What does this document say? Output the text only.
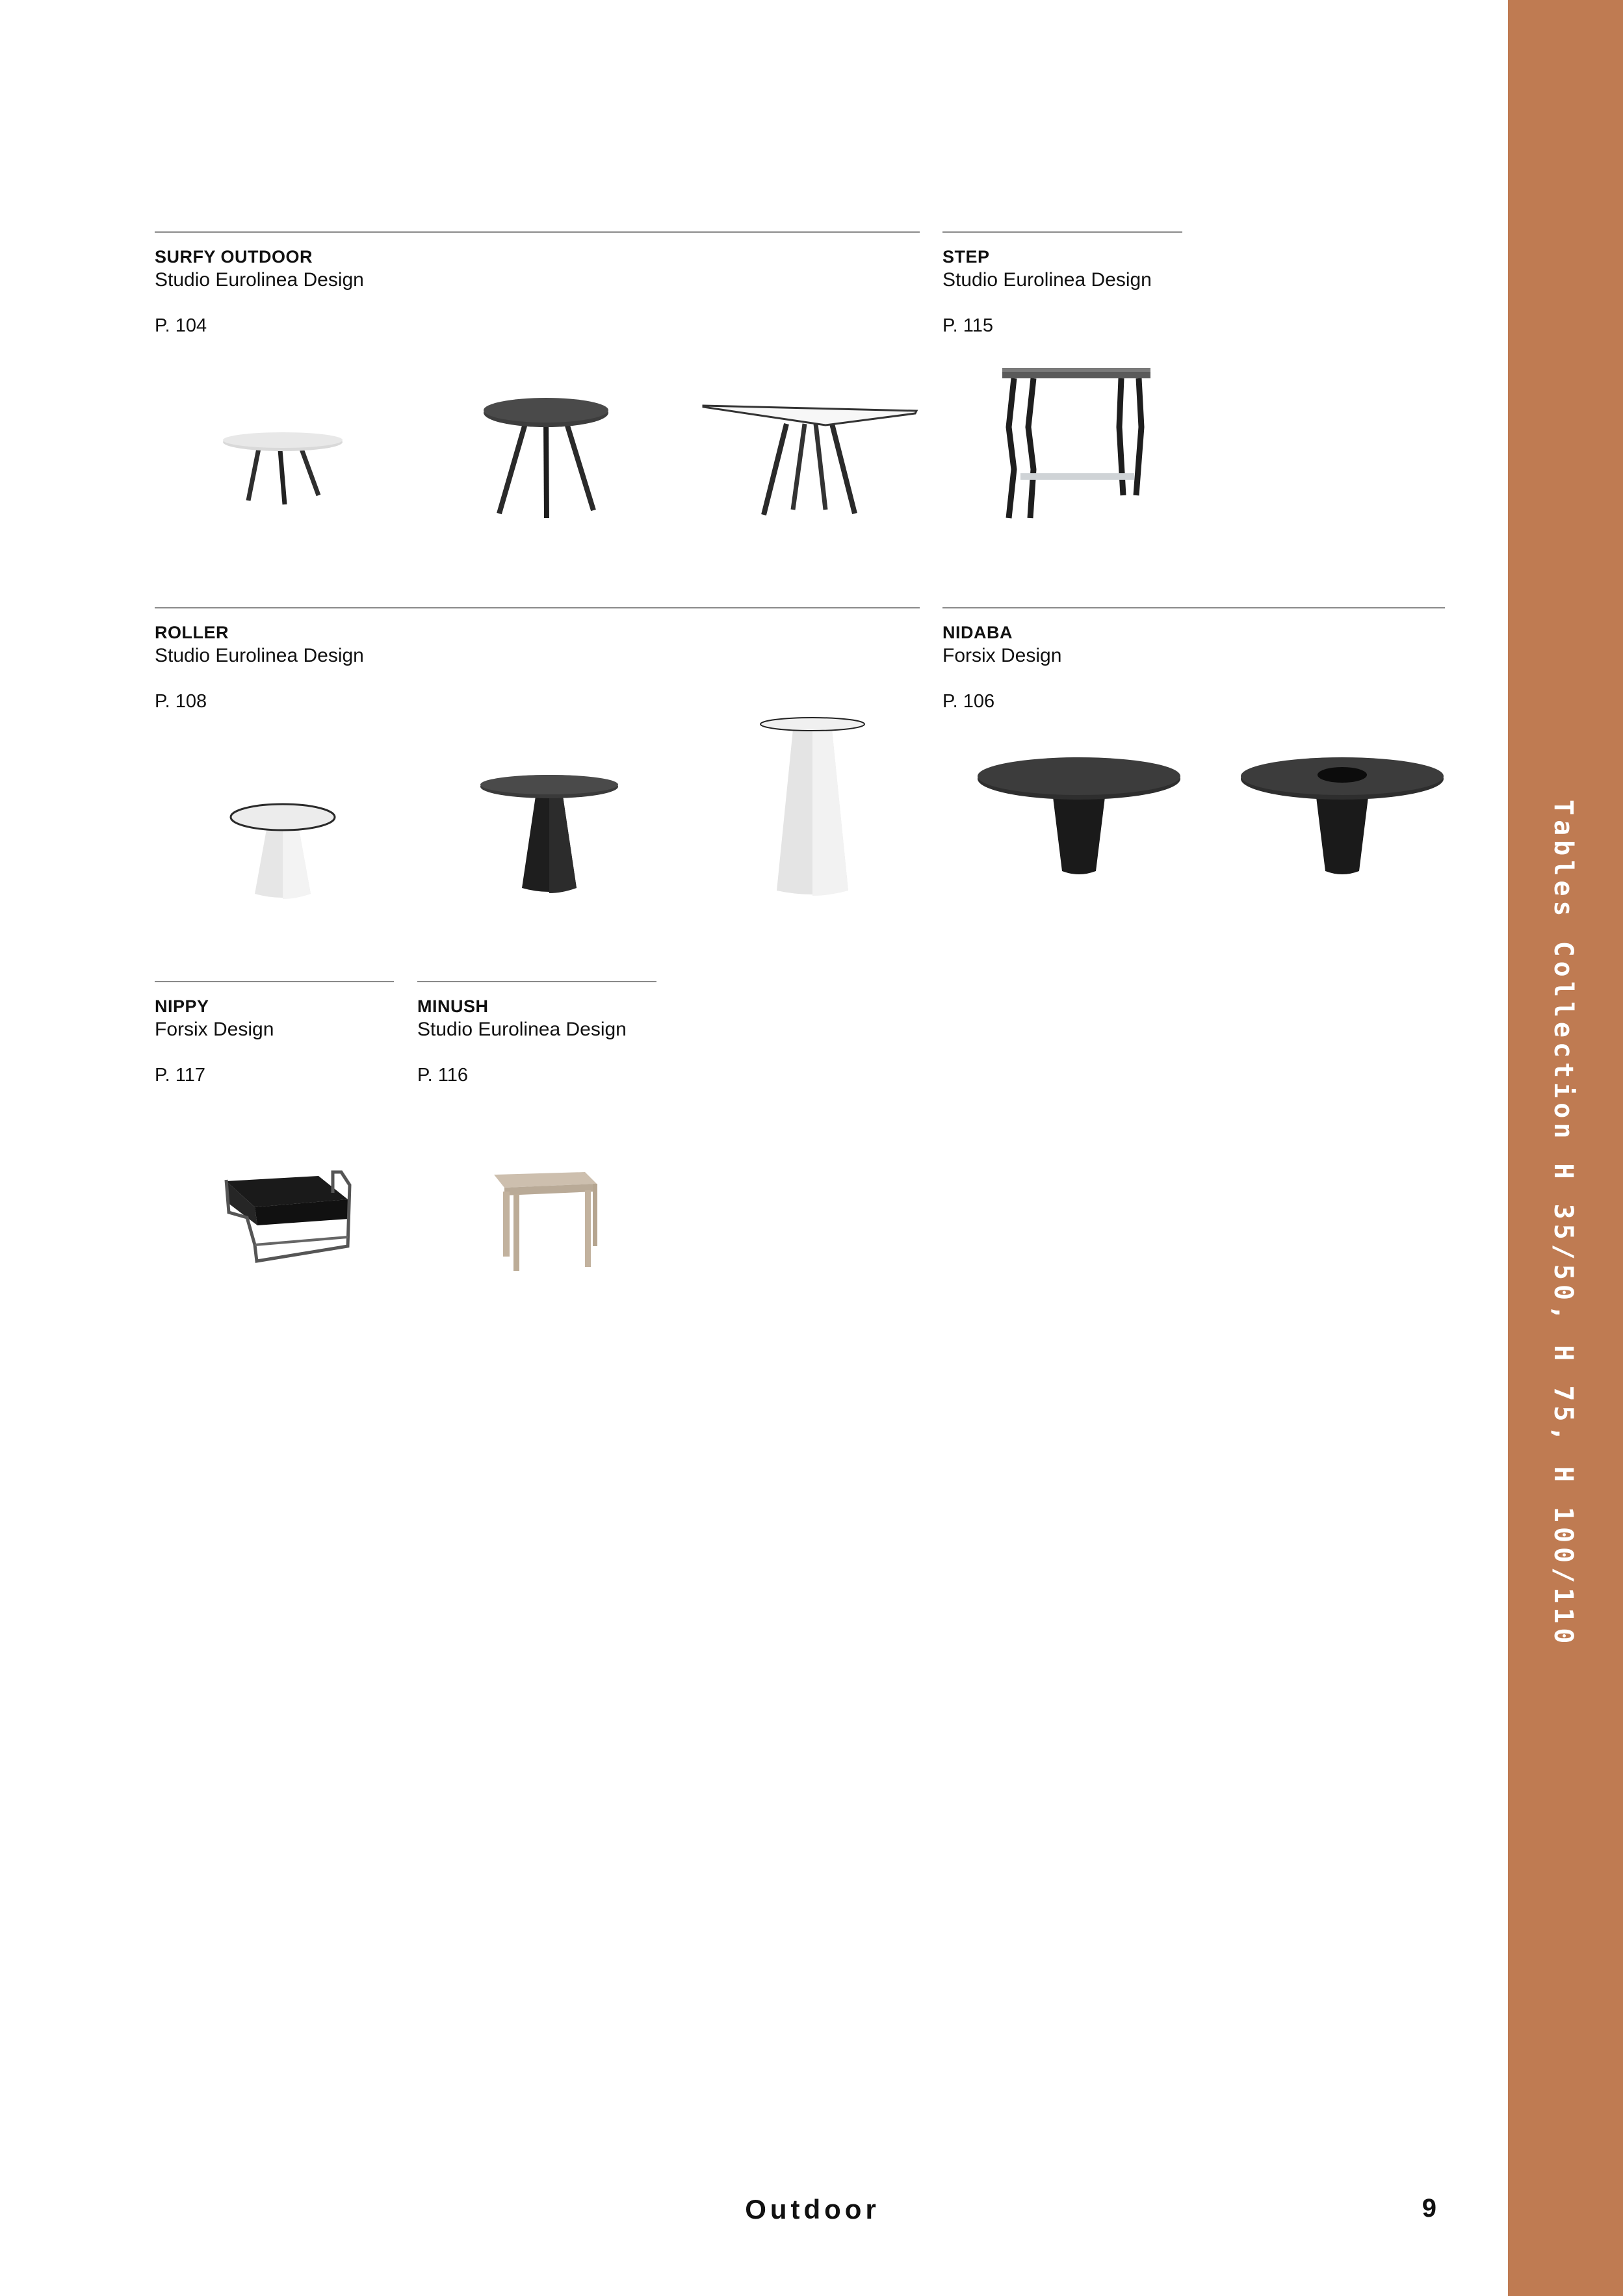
Tables Collection H 35/50, H 75, H 100/110
SURFY OUTDOOR
Studio Eurolinea Design
P. 104
STEP
Studio Eurolinea Design
P. 115
ROLLER
Studio Eurolinea Design
P. 108
NIDABA
Forsix Design
P. 106
NIPPY
Forsix Design
P. 117
MINUSH
Studio Eurolinea Design
P. 116
Outdoor	9
